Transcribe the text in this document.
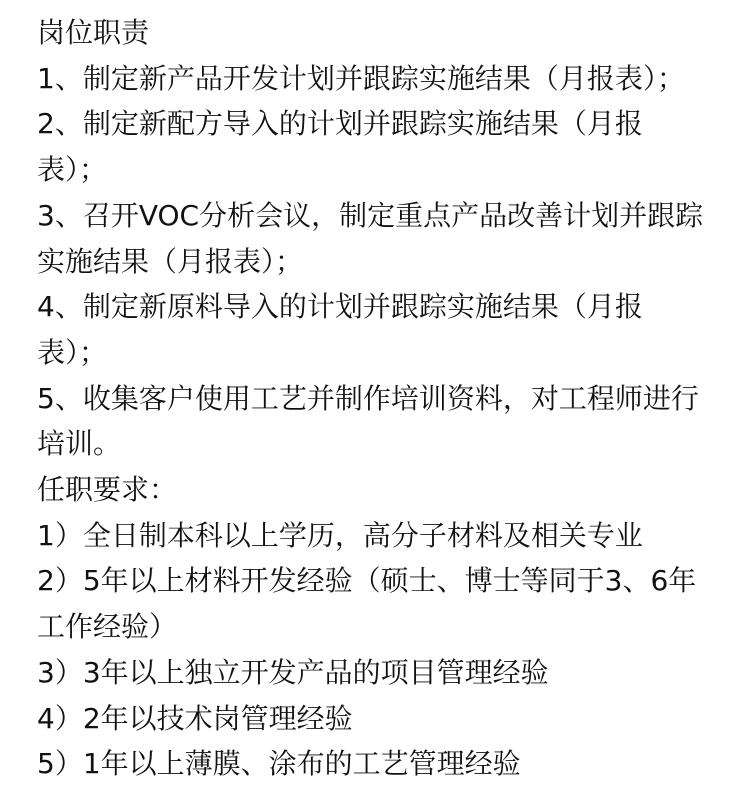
岗位职责
1、制定新产品开发计划并跟踪实施结果（月报表）；
2、制定新配方导入的计划并跟踪实施结果（月报
表）；
3、召开VOC分析会议，制定重点产品改善计划并跟踪
实施结果（月报表）；
4、制定新原料导入的计划并跟踪实施结果（月报
表）；
5、收集客户使用工艺并制作培训资料，对工程师进行
培训。
任职要求：
1）全日制本科以上学历，高分子材料及相关专业
2）5年以上材料开发经验（硕士、博士等同于3、6年
工作经验）
3）3年以上独立开发产品的项目管理经验
4）2年以技术岗管理经验
5）1年以上薄膜、涂布的工艺管理经验
